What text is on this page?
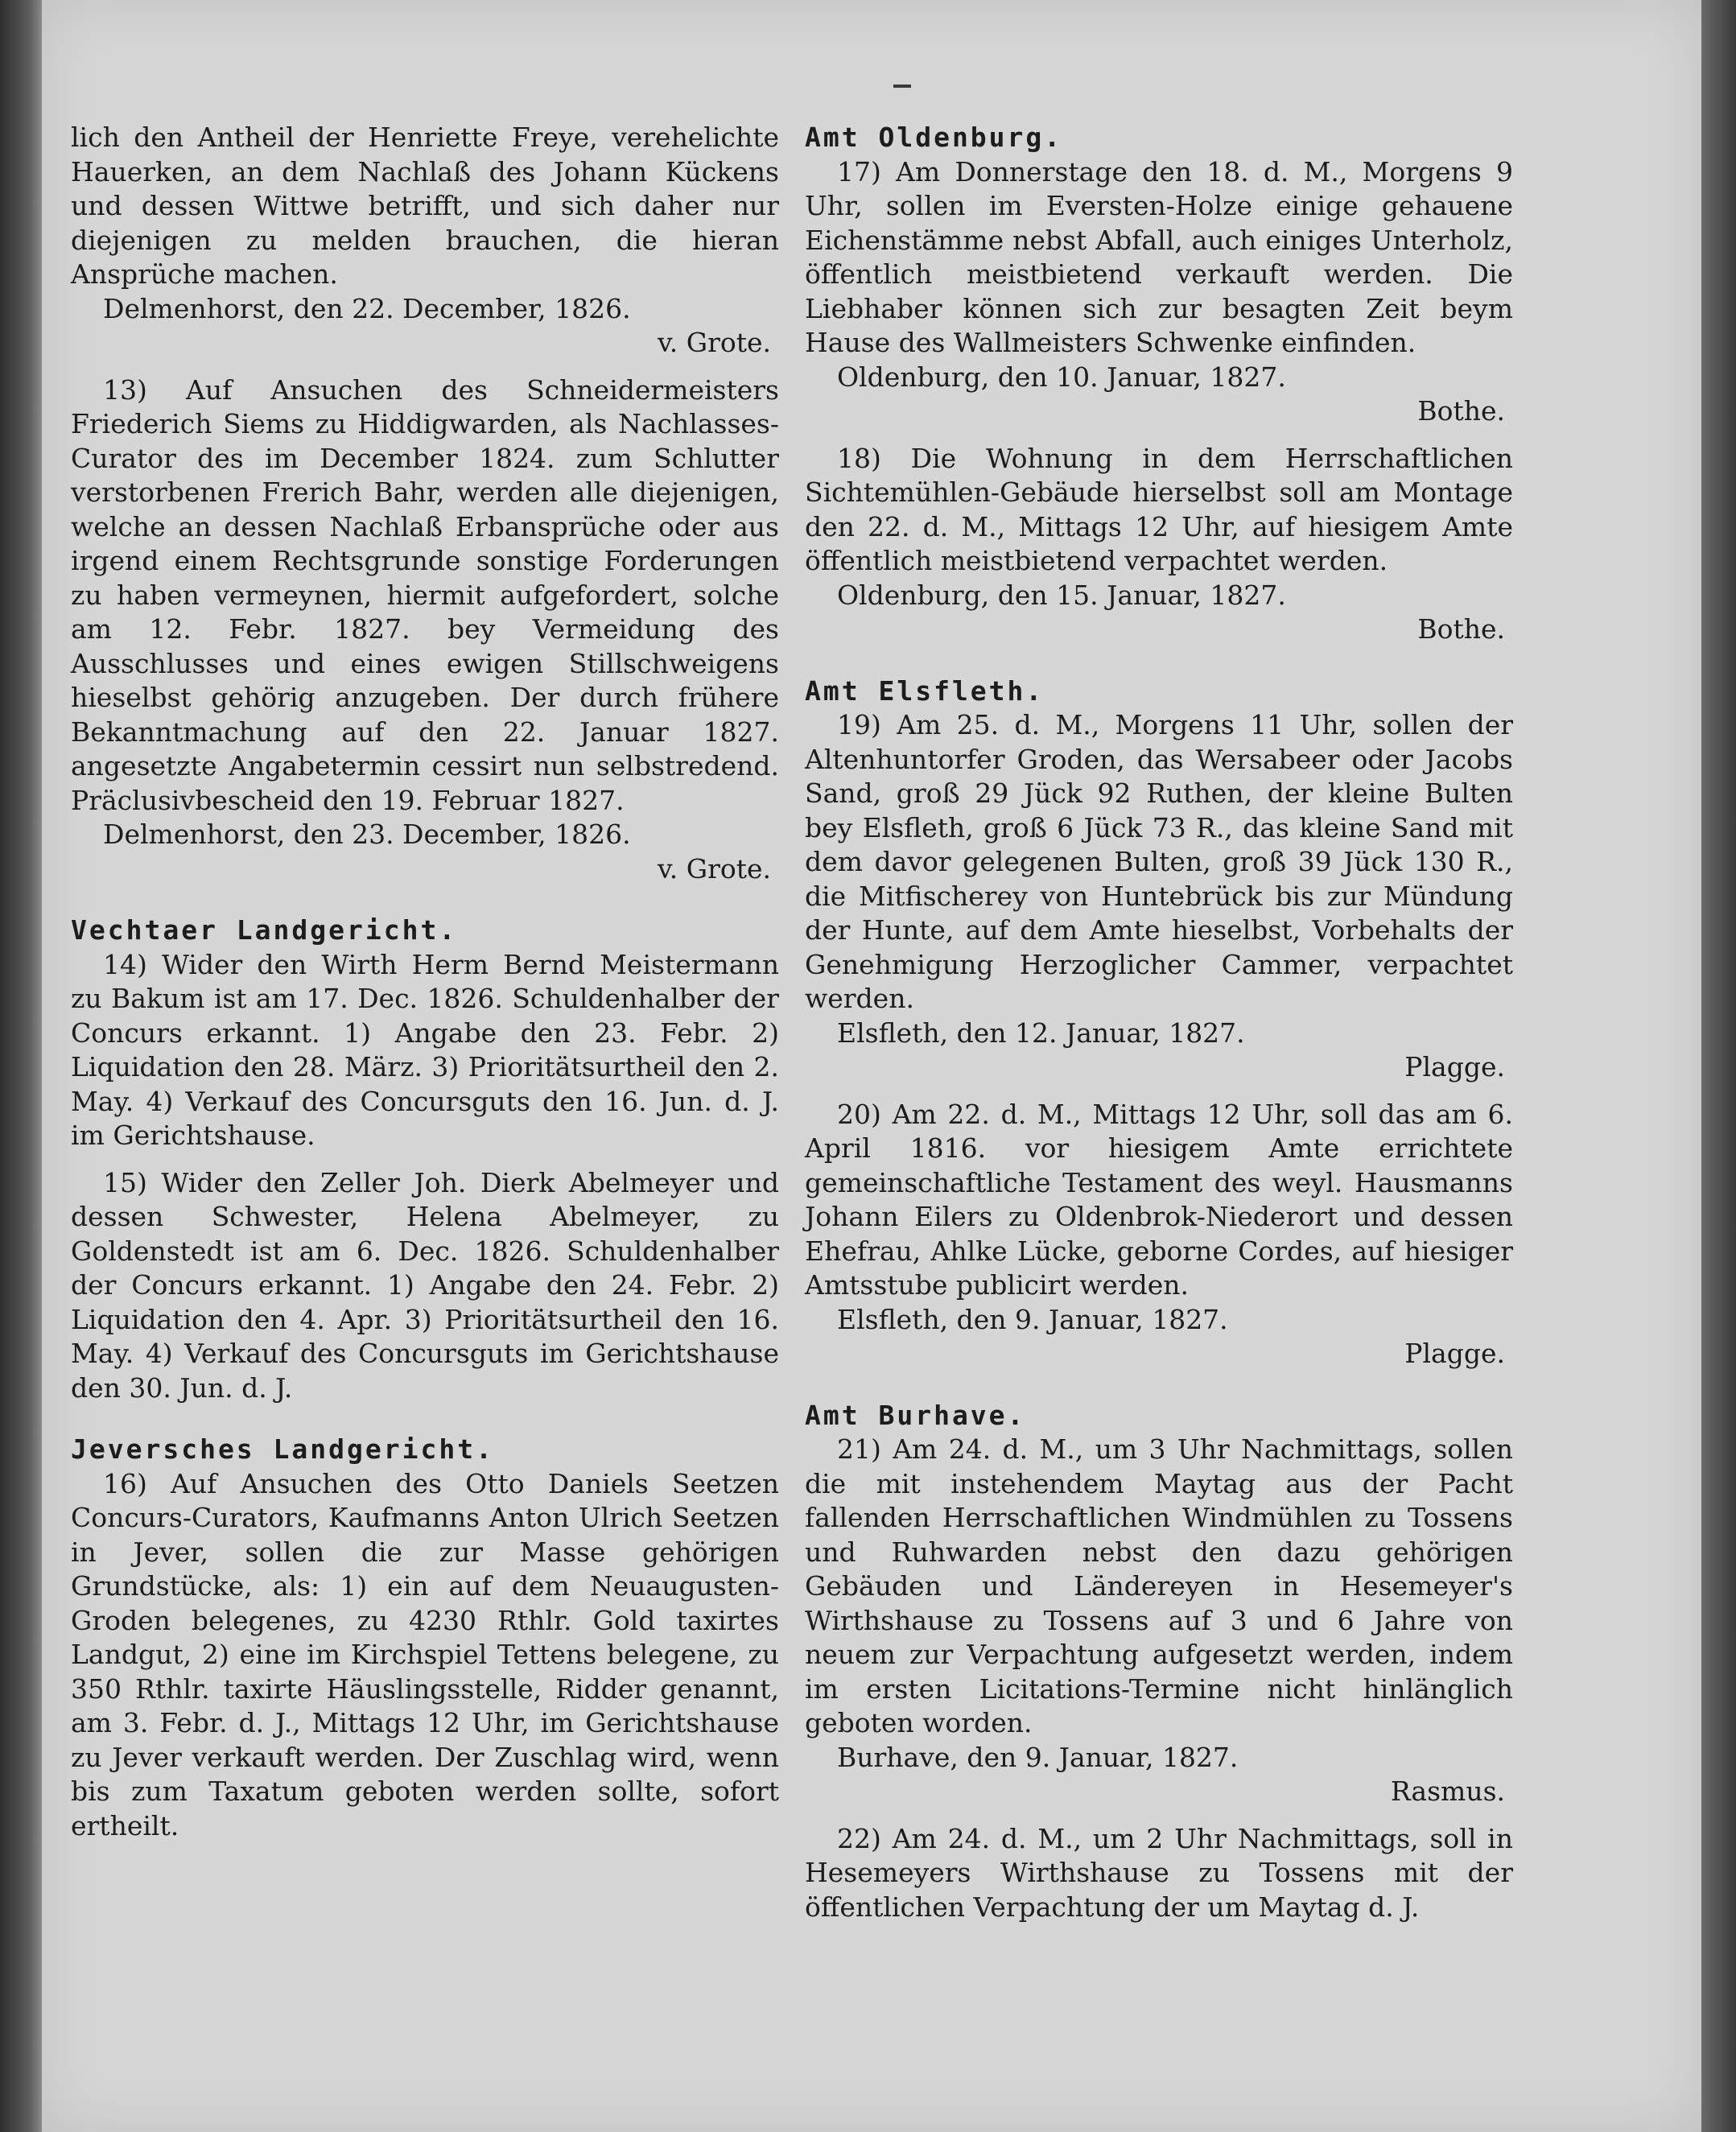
lich den Antheil der Henriette Freye, verehelichte Hauerken, an dem Nachlaß des Johann Kückens und dessen Wittwe betrifft, und sich daher nur diejenigen zu melden brauchen, die hieran Ansprüche machen.

Delmenhorst, den 22. December, 1826.

v. Grote.

13) Auf Ansuchen des Schneidermeisters Friederich Siems zu Hiddigwarden, als Nachlasses-Curator des im December 1824. zum Schlutter verstorbenen Frerich Bahr, werden alle diejenigen, welche an dessen Nachlaß Erbansprüche oder aus irgend einem Rechtsgrunde sonstige Forderungen zu haben vermeynen, hiermit aufgefordert, solche am 12. Febr. 1827. bey Vermeidung des Ausschlusses und eines ewigen Stillschweigens hieselbst gehörig anzugeben. Der durch frühere Bekanntmachung auf den 22. Januar 1827. angesetzte Angabetermin cessirt nun selbstredend. Präclusivbescheid den 19. Februar 1827.

Delmenhorst, den 23. December, 1826.

v. Grote.

Vechtaer Landgericht.

14) Wider den Wirth Herm Bernd Meistermann zu Bakum ist am 17. Dec. 1826. Schuldenhalber der Concurs erkannt. 1) Angabe den 23. Febr. 2) Liquidation den 28. März. 3) Prioritätsurtheil den 2. May. 4) Verkauf des Concursguts den 16. Jun. d. J. im Gerichtshause.

15) Wider den Zeller Joh. Dierk Abelmeyer und dessen Schwester, Helena Abelmeyer, zu Goldenstedt ist am 6. Dec. 1826. Schuldenhalber der Concurs erkannt. 1) Angabe den 24. Febr. 2) Liquidation den 4. Apr. 3) Prioritätsurtheil den 16. May. 4) Verkauf des Concursguts im Gerichtshause den 30. Jun. d. J.

Jeversches Landgericht.

16) Auf Ansuchen des Otto Daniels Seetzen Concurs-Curators, Kaufmanns Anton Ulrich Seetzen in Jever, sollen die zur Masse gehörigen Grundstücke, als: 1) ein auf dem Neuaugusten-Groden belegenes, zu 4230 Rthlr. Gold taxirtes Landgut, 2) eine im Kirchspiel Tettens belegene, zu 350 Rthlr. taxirte Häuslingsstelle, Ridder genannt, am 3. Febr. d. J., Mittags 12 Uhr, im Gerichtshause zu Jever verkauft werden. Der Zuschlag wird, wenn bis zum Taxatum geboten werden sollte, sofort ertheilt.

Amt Oldenburg.

17) Am Donnerstage den 18. d. M., Morgens 9 Uhr, sollen im Eversten-Holze einige gehauene Eichenstämme nebst Abfall, auch einiges Unterholz, öffentlich meistbietend verkauft werden. Die Liebhaber können sich zur besagten Zeit beym Hause des Wallmeisters Schwenke einfinden.

Oldenburg, den 10. Januar, 1827.

Bothe.

18) Die Wohnung in dem Herrschaftlichen Sichtemühlen-Gebäude hierselbst soll am Montage den 22. d. M., Mittags 12 Uhr, auf hiesigem Amte öffentlich meistbietend verpachtet werden.

Oldenburg, den 15. Januar, 1827.

Bothe.

Amt Elsfleth.

19) Am 25. d. M., Morgens 11 Uhr, sollen der Altenhuntorfer Groden, das Wersabeer oder Jacobs Sand, groß 29 Jück 92 Ruthen, der kleine Bulten bey Elsfleth, groß 6 Jück 73 R., das kleine Sand mit dem davor gelegenen Bulten, groß 39 Jück 130 R., die Mitfischerey von Huntebrück bis zur Mündung der Hunte, auf dem Amte hieselbst, Vorbehalts der Genehmigung Herzoglicher Cammer, verpachtet werden.

Elsfleth, den 12. Januar, 1827.

Plagge.

20) Am 22. d. M., Mittags 12 Uhr, soll das am 6. April 1816. vor hiesigem Amte errichtete gemeinschaftliche Testament des weyl. Hausmanns Johann Eilers zu Oldenbrok-Niederort und dessen Ehefrau, Ahlke Lücke, geborne Cordes, auf hiesiger Amtsstube publicirt werden.

Elsfleth, den 9. Januar, 1827.

Plagge.

Amt Burhave.

21) Am 24. d. M., um 3 Uhr Nachmittags, sollen die mit instehendem Maytag aus der Pacht fallenden Herrschaftlichen Windmühlen zu Tossens und Ruhwarden nebst den dazu gehörigen Gebäuden und Ländereyen in Hesemeyer's Wirthshause zu Tossens auf 3 und 6 Jahre von neuem zur Verpachtung aufgesetzt werden, indem im ersten Licitations-Termine nicht hinlänglich geboten worden.

Burhave, den 9. Januar, 1827.

Rasmus.

22) Am 24. d. M., um 2 Uhr Nachmittags, soll in Hesemeyers Wirthshause zu Tossens mit der öffentlichen Verpachtung der um Maytag d. J.
